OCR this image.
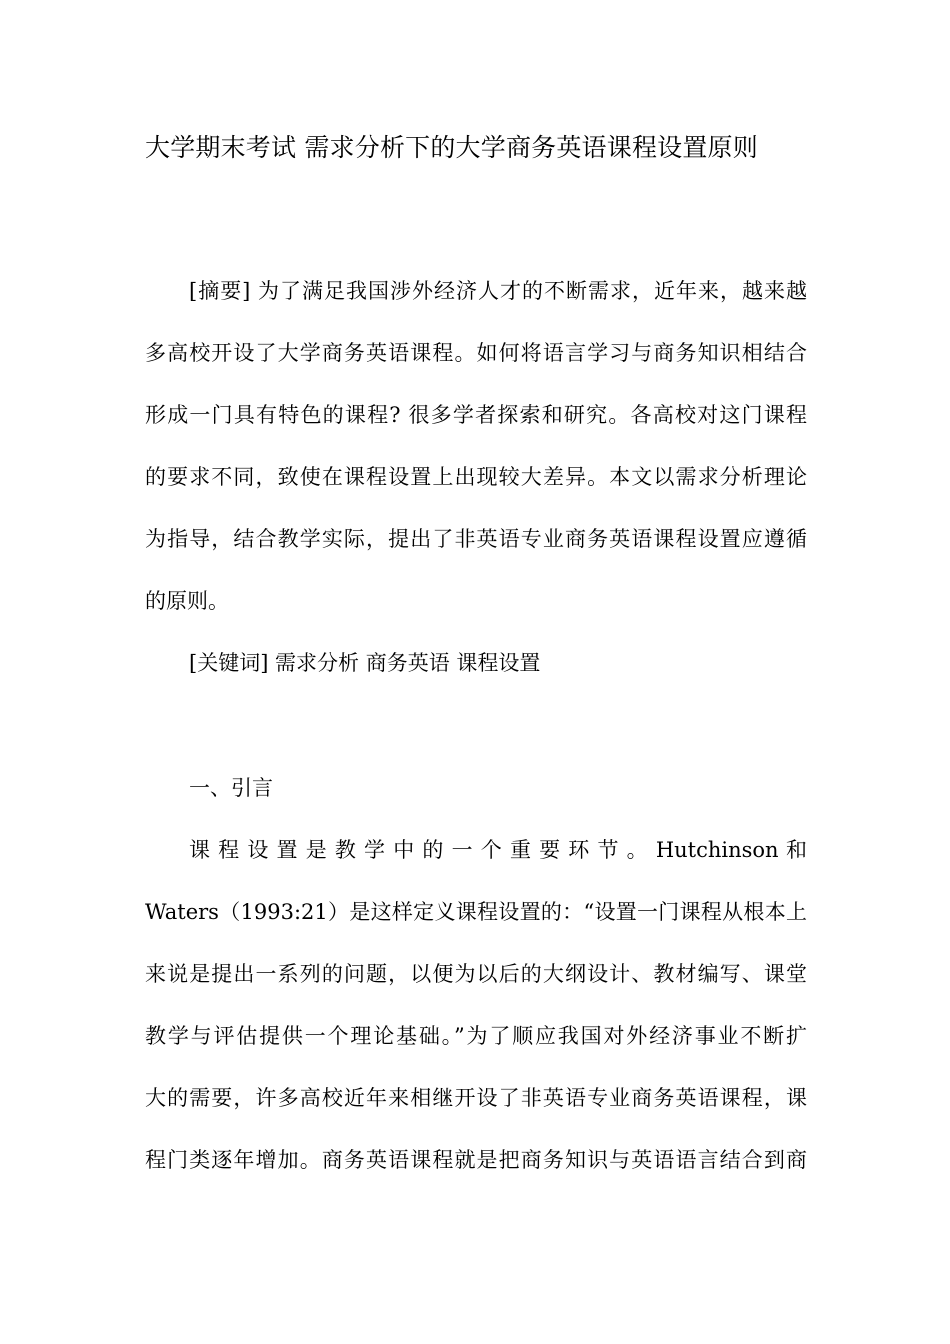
大学期末考试 需求分析下的大学商务英语课程设置原则
[摘要] 为了满足我国涉外经济人才的不断需求，近年来，越来越
多高校开设了大学商务英语课程。如何将语言学习与商务知识相结合
形成一门具有特色的课程? 很多学者探索和研究。各高校对这门课程
的要求不同，致使在课程设置上出现较大差异。本文以需求分析理论
为指导，结合教学实际，提出了非英语专业商务英语课程设置应遵循
的原则。
[关键词] 需求分析 商务英语 课程设置
一、引言
课 程 设 置 是 教 学 中 的 一 个 重 要 环 节 。 Hutchinson 和
Waters（1993:21）是这样定义课程设置的：“设置一门课程从根本上
来说是提出一系列的问题，以便为以后的大纲设计、教材编写、课堂
教学与评估提供一个理论基础。”为了顺应我国对外经济事业不断扩
大的需要，许多高校近年来相继开设了非英语专业商务英语课程，课
程门类逐年增加。商务英语课程就是把商务知识与英语语言结合到商
